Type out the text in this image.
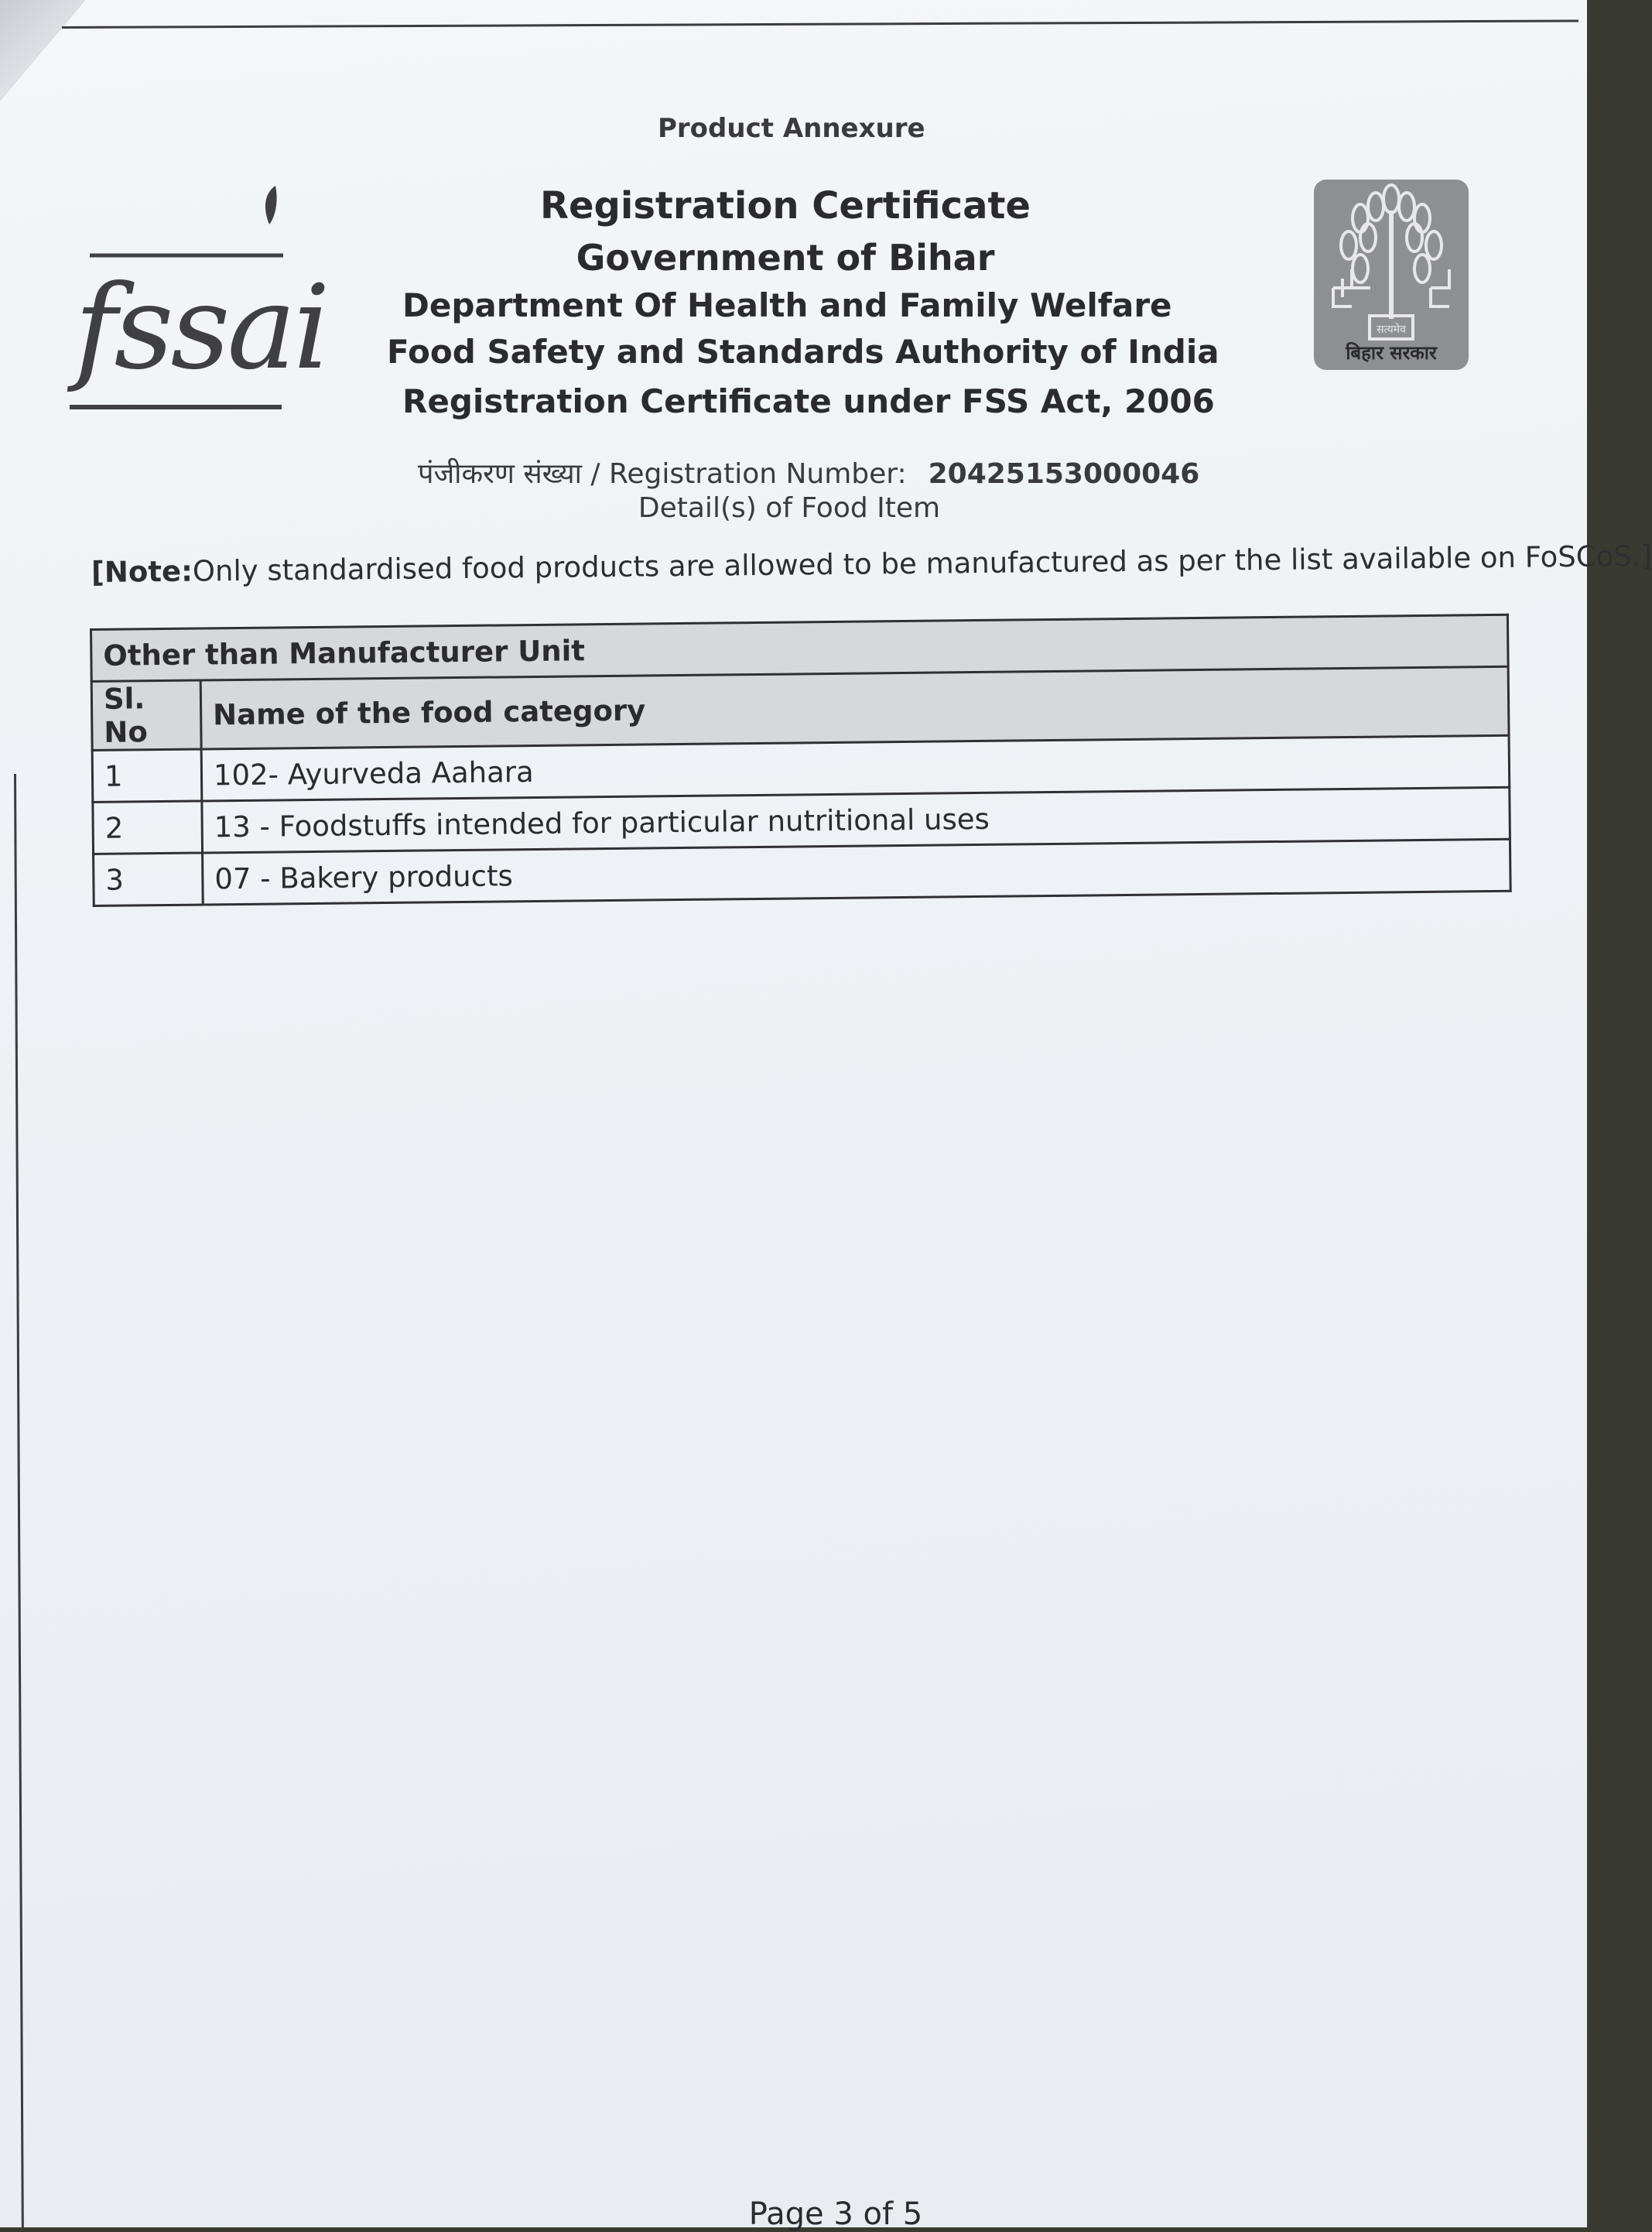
Product Annexure
fssai
Registration Certificate
Government of Bihar
Department Of Health and Family Welfare
Food Safety and Standards Authority of India
Registration Certificate under FSS Act, 2006
सत्यमेव
बिहार सरकार
पंजीकरण संख्या / Registration Number: 20425153000046
Detail(s) of Food Item
[Note:Only standardised food products are allowed to be manufactured as per the list available on FoSCoS.]
Other than Manufacturer Unit	
Sl. No	Name of the food category
1	102- Ayurveda Aahara
2	13 - Foodstuffs intended for particular nutritional uses
3	07 - Bakery products
Page 3 of 5
